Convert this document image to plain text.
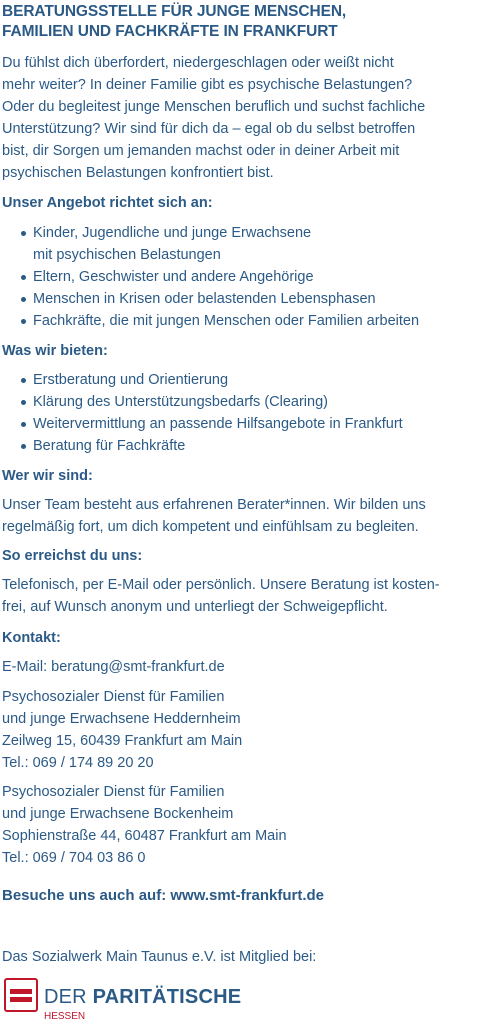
BERATUNGSSTELLE FÜR JUNGE MENSCHEN,
FAMILIEN UND FACHKRÄFTE IN FRANKFURT
Du fühlst dich überfordert, niedergeschlagen oder weißt nicht
mehr weiter? In deiner Familie gibt es psychische Belastungen?
Oder du begleitest junge Menschen beruflich und suchst fachliche
Unterstützung? Wir sind für dich da – egal ob du selbst betroffen
bist, dir Sorgen um jemanden machst oder in deiner Arbeit mit
psychischen Belastungen konfrontiert bist.
Unser Angebot richtet sich an:
Kinder, Jugendliche und junge Erwachsene
mit psychischen Belastungen
Eltern, Geschwister und andere Angehörige
Menschen in Krisen oder belastenden Lebensphasen
Fachkräfte, die mit jungen Menschen oder Familien arbeiten
Was wir bieten:
Erstberatung und Orientierung
Klärung des Unterstützungsbedarfs (Clearing)
Weitervermittlung an passende Hilfsangebote in Frankfurt
Beratung für Fachkräfte
Wer wir sind:
Unser Team besteht aus erfahrenen Berater*innen. Wir bilden uns
regelmäßig fort, um dich kompetent und einfühlsam zu begleiten.
So erreichst du uns:
Telefonisch, per E-Mail oder persönlich. Unsere Beratung ist kosten-
frei, auf Wunsch anonym und unterliegt der Schweigepflicht.
Kontakt:
E-Mail: beratung@smt-frankfurt.de
Psychosozialer Dienst für Familien
und junge Erwachsene Heddernheim
Zeilweg 15, 60439 Frankfurt am Main
Tel.: 069 / 174 89 20 20
Psychosozialer Dienst für Familien
und junge Erwachsene Bockenheim
Sophienstraße 44, 60487 Frankfurt am Main
Tel.: 069 / 704 03 86 0
Besuche uns auch auf: www.smt-frankfurt.de
Das Sozialwerk Main Taunus e.V. ist Mitglied bei:
DER PARITÄTISCHE
HESSEN
